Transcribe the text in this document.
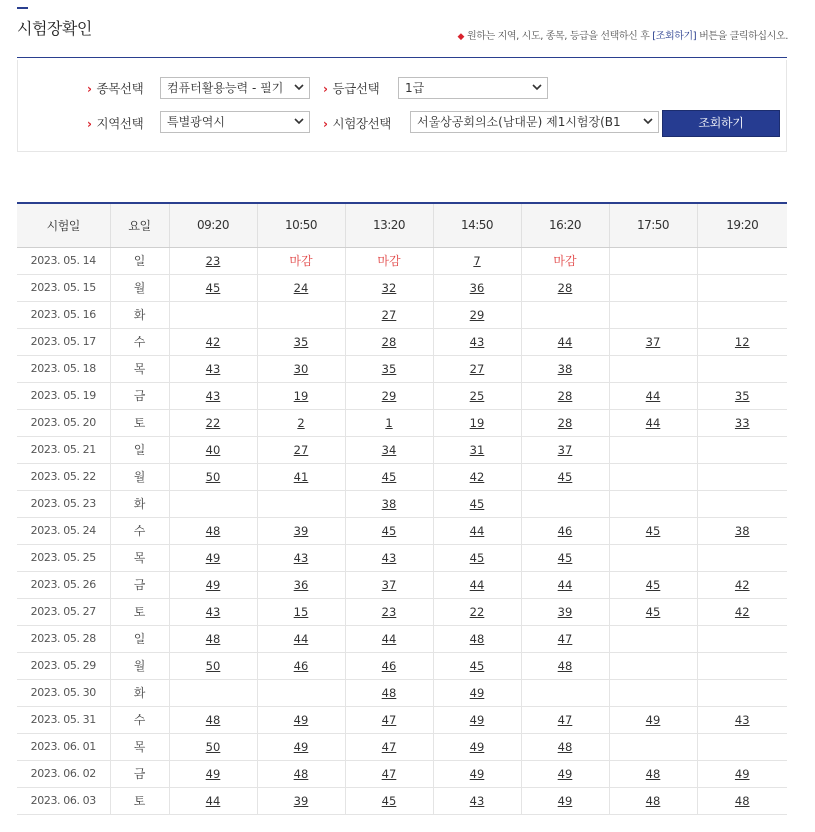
시험장확인	◆ 원하는 지역, 시도, 종목, 등급을 선택하신 후 [조회하기] 버튼을 클릭하십시오.
› 종목선택	컴퓨터활용능력 - 필기	› 등급선택	1급
› 지역선택	특별광역시	› 시험장선택	서울상공회의소(남대문) 제1시험장(B1	조회하기
시험일	요일	09:20	10:50	13:20	14:50	16:20	17:50	19:20
2023. 05. 14	일	23	마감	마감	7	마감		
2023. 05. 15	월	45	24	32	36	28		
2023. 05. 16	화			27	29			
2023. 05. 17	수	42	35	28	43	44	37	12
2023. 05. 18	목	43	30	35	27	38		
2023. 05. 19	금	43	19	29	25	28	44	35
2023. 05. 20	토	22	2	1	19	28	44	33
2023. 05. 21	일	40	27	34	31	37		
2023. 05. 22	월	50	41	45	42	45		
2023. 05. 23	화			38	45			
2023. 05. 24	수	48	39	45	44	46	45	38
2023. 05. 25	목	49	43	43	45	45		
2023. 05. 26	금	49	36	37	44	44	45	42
2023. 05. 27	토	43	15	23	22	39	45	42
2023. 05. 28	일	48	44	44	48	47		
2023. 05. 29	월	50	46	46	45	48		
2023. 05. 30	화			48	49			
2023. 05. 31	수	48	49	47	49	47	49	43
2023. 06. 01	목	50	49	47	49	48		
2023. 06. 02	금	49	48	47	49	49	48	49
2023. 06. 03	토	44	39	45	43	49	48	48
